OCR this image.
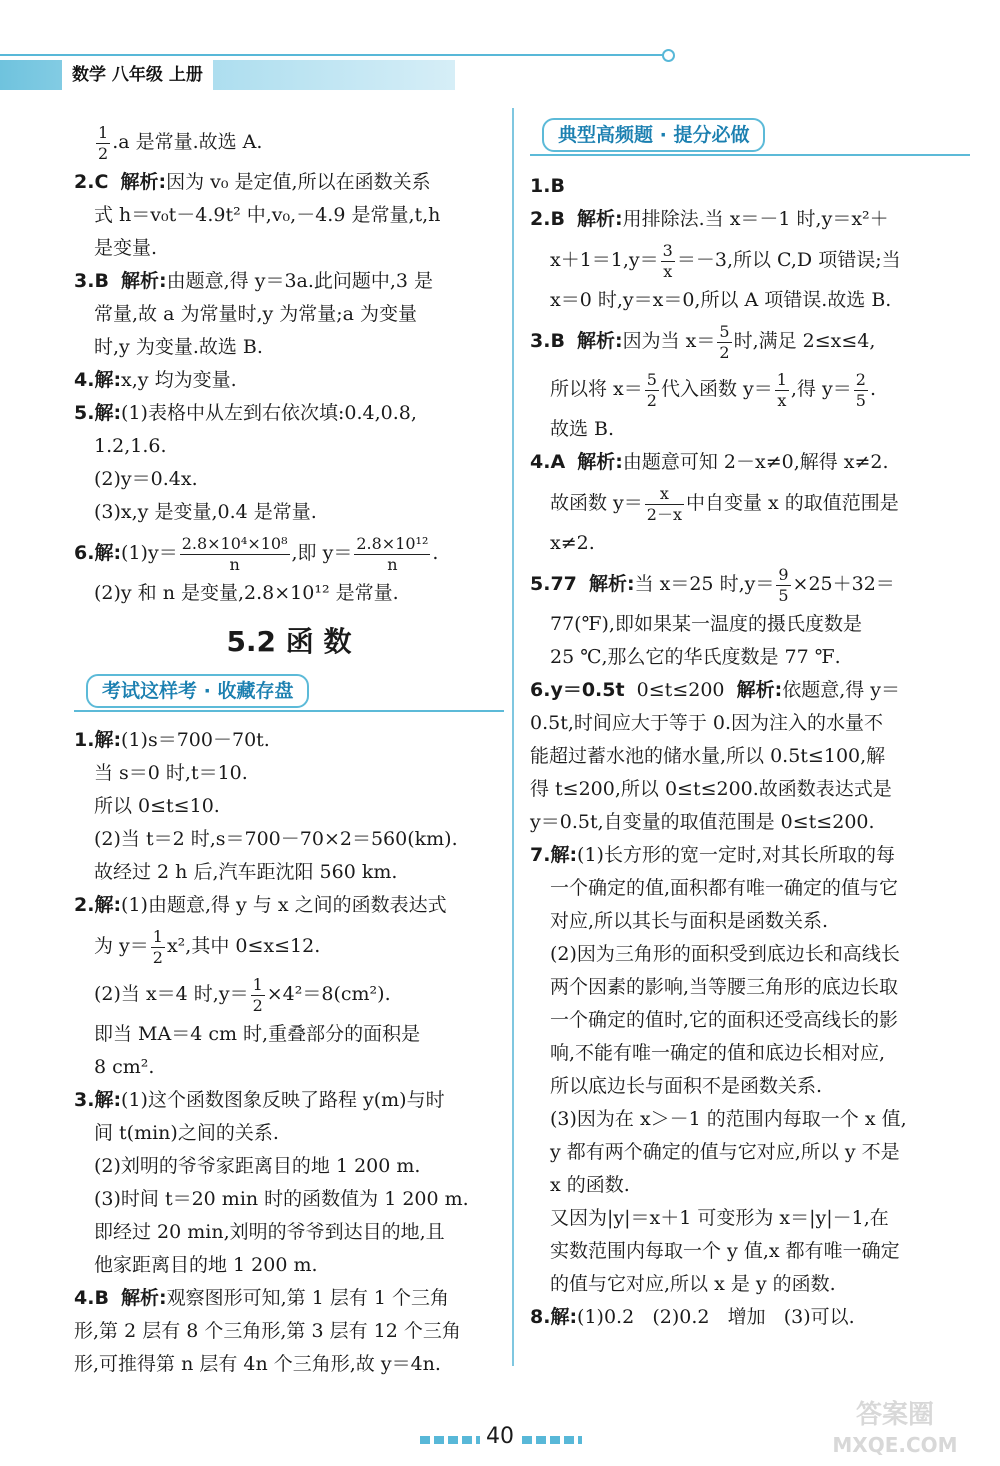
数学 八年级 上册

$\frac{1}{2} .a$ 是常量.故选 A.

2.C 解析:因为 v₀ 是定值,所以在函数关系

式 h＝v₀t－4.9t² 中,v₀,－4.9 是常量,t,h

是变量.

3.B 解析:由题意,得 y＝3a.此问题中,3 是

常量,故 a 为常量时,y 为常量;a 为变量

时,y 为变量.故选 B.

4.解:x,y 均为变量.

5.解:(1)表格中从左到右依次填:0.4,0.8,

1.2,1.6.

(2)y＝0.4x.

(3)x,y 是变量,0.4 是常量.

6.解:(1)y＝ $\frac{\text{2.8×10⁴×10⁸}}{n}$ ,即 $y= \frac{\text{2.8×10¹²}}{n}$ .

(2)y 和 n 是变量,2.8×10¹² 是常量.

5.2 函 数
考试这样考 · 收藏存盘

1.解:(1)s＝700－70t.

当 s＝0 时,t＝10.

所以 0≤t≤10.

(2)当 t＝2 时,s＝700－70×2＝560(km).

故经过 2 h 后,汽车距沈阳 560 km.

2.解:(1)由题意,得 y 与 x 之间的函数表达式

为 $y= \frac{1}{2} x^2$,其中 0≤x≤12.

(2)当 x＝4 时$,y= \frac{1}{2} \times 4^2=8(cm^2)$.

即当 MA＝4 cm 时,重叠部分的面积是

8 cm².

3.解:(1)这个函数图象反映了路程 y(m)与时

间 t(min)之间的关系.

(2)刘明的爷爷家距离目的地 1 200 m.

(3)时间 t＝20 min 时的函数值为 1 200 m.

即经过 20 min,刘明的爷爷到达目的地,且

他家距离目的地 1 200 m.

4.B 解析:观察图形可知,第 1 层有 1 个三角

形,第 2 层有 8 个三角形,第 3 层有 12 个三角

形,可推得第 n 层有 4n 个三角形,故 y＝4n.

典型高频题 · 提分必做

1.B

2.B 解析:用排除法.当 x＝－1 时,y＝x²＋

$x+1=1,y= \frac{3}{x} =-3$,所以 C,D 项错误;当

x＝0 时,y＝x＝0,所以 A 项错误.故选 B.

3.B 解析:因为当 $x= \frac{5}{2}$ 时,满足 2≤x≤4,

所以将 $x= \frac{5}{2}$ 代入函数 $y= \frac{1}{x}$ ,得 $y= \frac{2}{5}$ .

故选 B.

4.A 解析:由题意可知 2－x≠0,解得 x≠2.

故函数 $y= \frac{x}{2-x}$ 中自变量 x 的取值范围是

x≠2.

5.77 解析:当 x＝25 时$,y= \frac{9}{5} \times 25+32=$

77(℉),即如果某一温度的摄氏度数是

25 ℃,那么它的华氏度数是 77 ℉.

6.y＝0.5t 0≤t≤200 解析:依题意,得 y＝

0.5t,时间应大于等于 0.因为注入的水量不

能超过蓄水池的储水量,所以 0.5t≤100,解

得 t≤200,所以 0≤t≤200.故函数表达式是

y＝0.5t,自变量的取值范围是 0≤t≤200.

7.解:(1)长方形的宽一定时,对其长所取的每

一个确定的值,面积都有唯一确定的值与它

对应,所以其长与面积是函数关系.

(2)因为三角形的面积受到底边长和高线长

两个因素的影响,当等腰三角形的底边长取

一个确定的值时,它的面积还受高线长的影

响,不能有唯一确定的值和底边长相对应,

所以底边长与面积不是函数关系.

(3)因为在 x＞－1 的范围内每取一个 x 值,

y 都有两个确定的值与它对应,所以 y 不是

x 的函数.

又因为|y|＝x＋1 可变形为 x＝|y|－1,在

实数范围内每取一个 y 值,x 都有唯一确定

的值与它对应,所以 x 是 y 的函数.

8.解:(1)0.2 (2)0.2 增加 (3)可以.

40
答案圈
MXQE.COM
